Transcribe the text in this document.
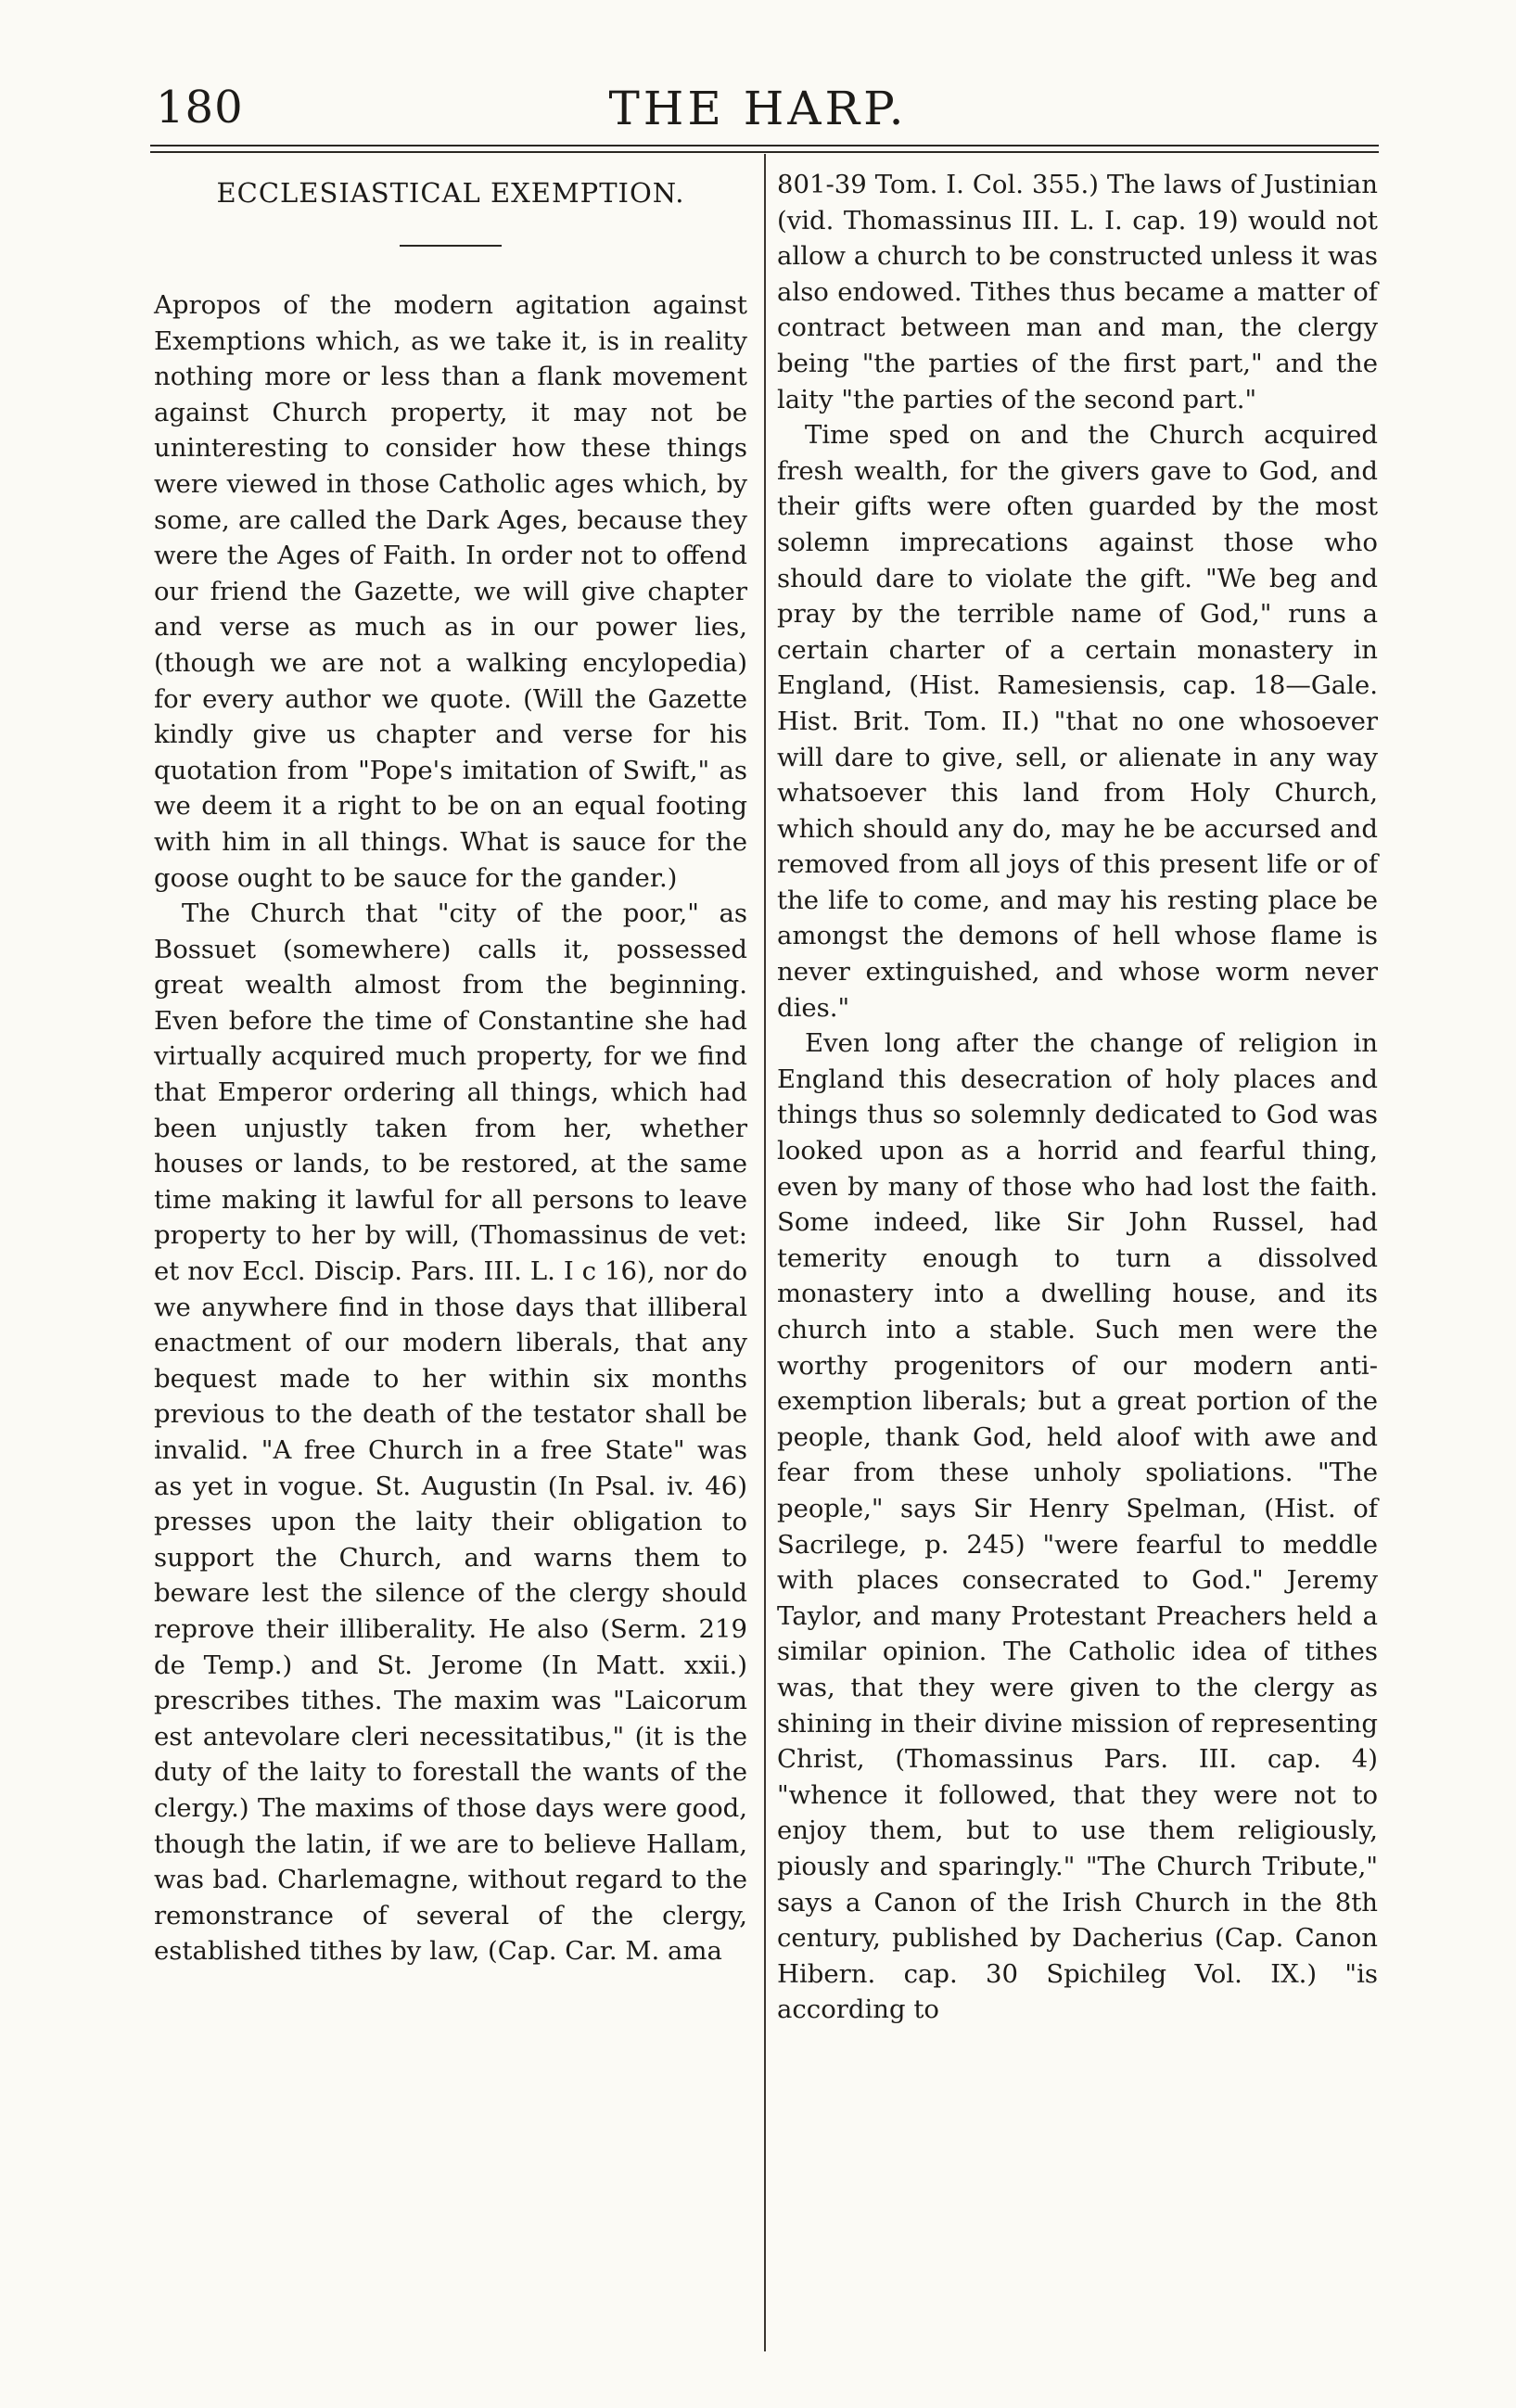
180	THE HARP.
ECCLESIASTICAL EXEMPTION.

Apropos of the modern agitation against Exemptions which, as we take it, is in reality nothing more or less than a flank movement against Church property, it may not be uninteresting to consider how these things were viewed in those Catholic ages which, by some, are called the Dark Ages, because they were the Ages of Faith. In order not to offend our friend the Gazette, we will give chapter and verse as much as in our power lies, (though we are not a walking encylopedia) for every author we quote. (Will the Gazette kindly give us chapter and verse for his quotation from "Pope's imitation of Swift," as we deem it a right to be on an equal footing with him in all things. What is sauce for the goose ought to be sauce for the gander.)

The Church that "city of the poor," as Bossuet (somewhere) calls it, possessed great wealth almost from the beginning. Even before the time of Constantine she had virtually acquired much property, for we find that Emperor ordering all things, which had been unjustly taken from her, whether houses or lands, to be restored, at the same time making it lawful for all persons to leave property to her by will, (Thomassinus de vet: et nov Eccl. Discip. Pars. III. L. I c 16), nor do we anywhere find in those days that illiberal enactment of our modern liberals, that any bequest made to her within six months previous to the death of the testator shall be invalid. "A free Church in a free State" was as yet in vogue. St. Augustin (In Psal. iv. 46) presses upon the laity their obligation to support the Church, and warns them to beware lest the silence of the clergy should reprove their illiberality. He also (Serm. 219 de Temp.) and St. Jerome (In Matt. xxii.) prescribes tithes. The maxim was "Laicorum est antevolare cleri necessitatibus," (it is the duty of the laity to forestall the wants of the clergy.) The maxims of those days were good, though the latin, if we are to believe Hallam, was bad. Charlemagne, without regard to the remonstrance of several of the clergy, established tithes by law, (Cap. Car. M. ama

801-39 Tom. I. Col. 355.) The laws of Justinian (vid. Thomassinus III. L. I. cap. 19) would not allow a church to be constructed unless it was also endowed. Tithes thus became a matter of contract between man and man, the clergy being "the parties of the first part," and the laity "the parties of the second part."

Time sped on and the Church acquired fresh wealth, for the givers gave to God, and their gifts were often guarded by the most solemn imprecations against those who should dare to violate the gift. "We beg and pray by the terrible name of God," runs a certain charter of a certain monastery in England, (Hist. Ramesiensis, cap. 18—Gale. Hist. Brit. Tom. II.) "that no one whosoever will dare to give, sell, or alienate in any way whatsoever this land from Holy Church, which should any do, may he be accursed and removed from all joys of this present life or of the life to come, and may his resting place be amongst the demons of hell whose flame is never extinguished, and whose worm never dies."

Even long after the change of religion in England this desecration of holy places and things thus so solemnly dedicated to God was looked upon as a horrid and fearful thing, even by many of those who had lost the faith. Some indeed, like Sir John Russel, had temerity enough to turn a dissolved monastery into a dwelling house, and its church into a stable. Such men were the worthy progenitors of our modern anti-exemption liberals; but a great portion of the people, thank God, held aloof with awe and fear from these unholy spoliations. "The people," says Sir Henry Spelman, (Hist. of Sacrilege, p. 245) "were fearful to meddle with places consecrated to God." Jeremy Taylor, and many Protestant Preachers held a similar opinion. The Catholic idea of tithes was, that they were given to the clergy as shining in their divine mission of representing Christ, (Thomassinus Pars. III. cap. 4) "whence it followed, that they were not to enjoy them, but to use them religiously, piously and sparingly." "The Church Tribute," says a Canon of the Irish Church in the 8th century, published by Dacherius (Cap. Canon Hibern. cap. 30 Spichileg Vol. IX.) "is according to
